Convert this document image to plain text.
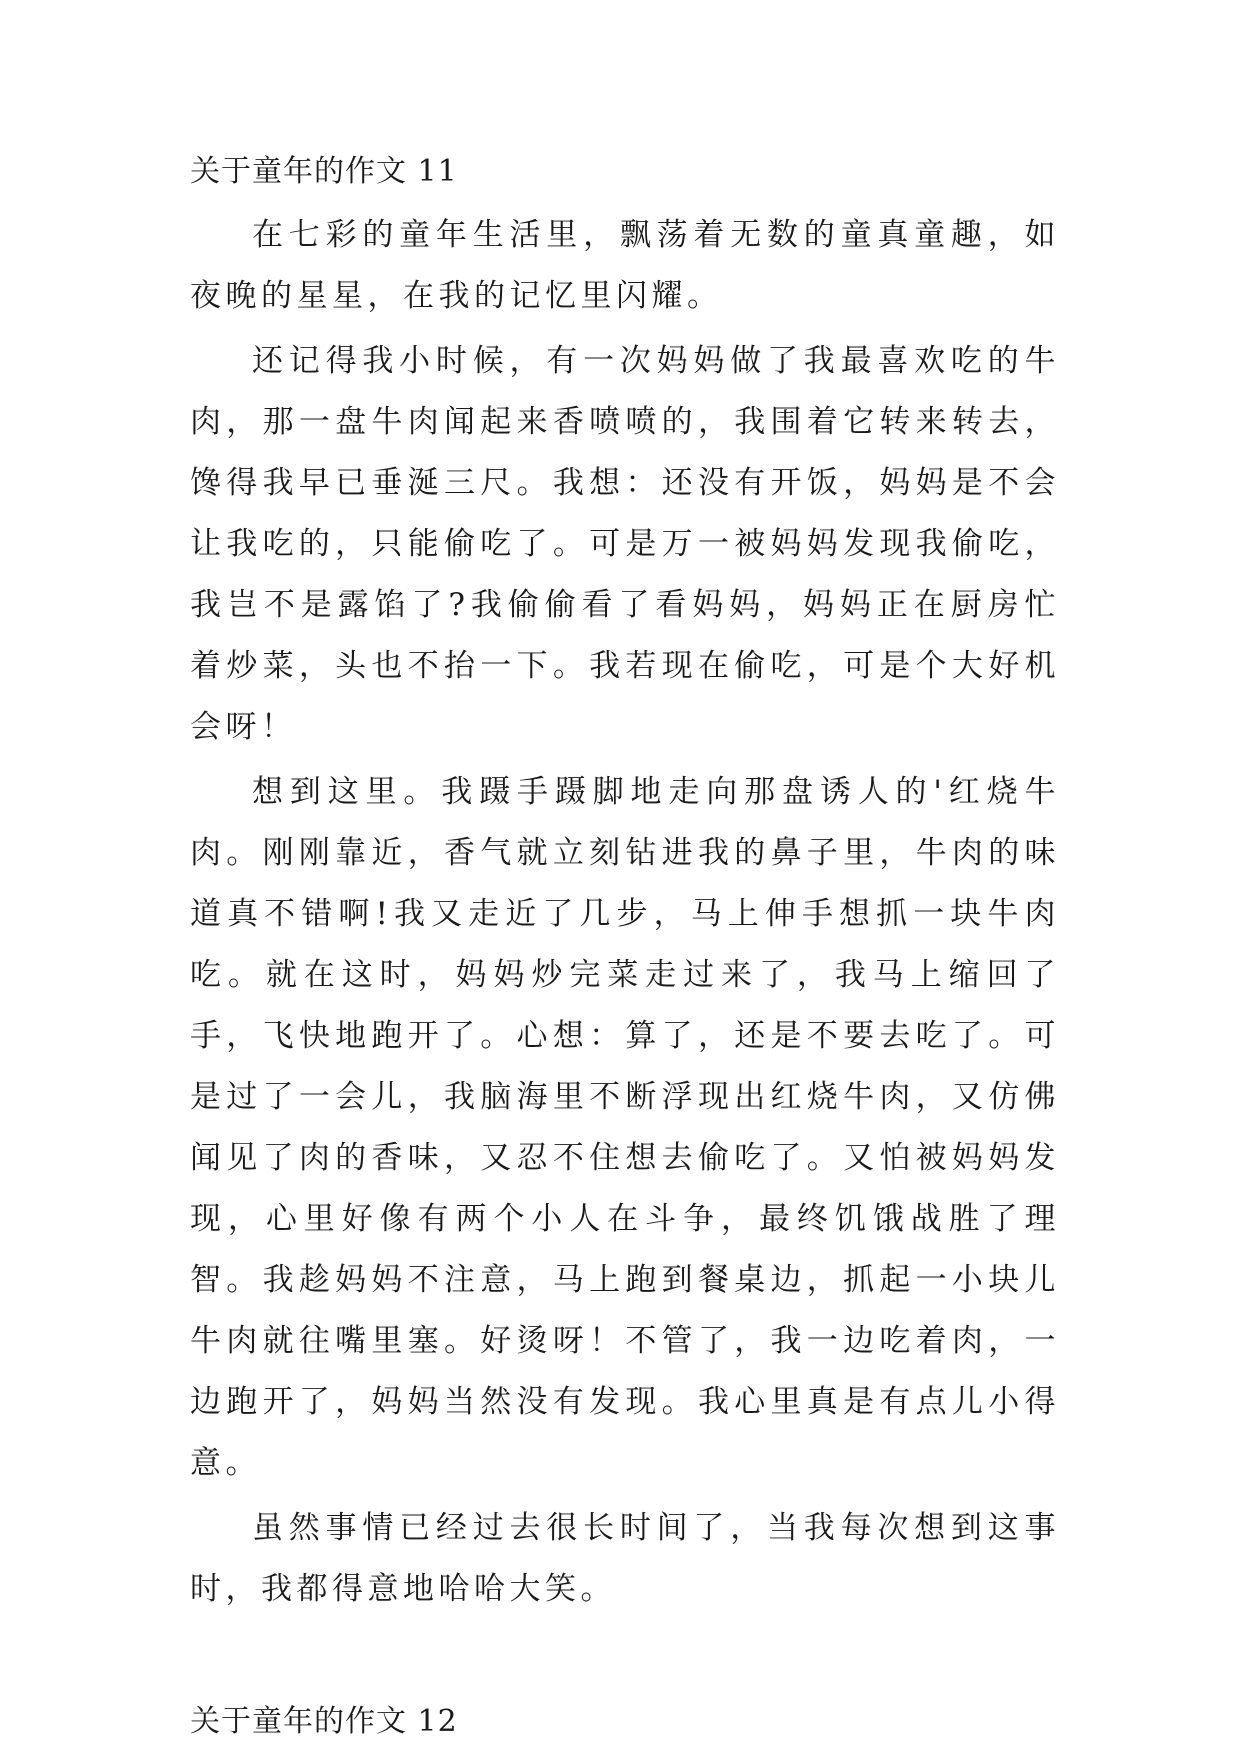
关于童年的作文 11

在七彩的童年生活里，飘荡着无数的童真童趣，如夜晚的星星，在我的记忆里闪耀。

还记得我小时候，有一次妈妈做了我最喜欢吃的牛肉，那一盘牛肉闻起来香喷喷的，我围着它转来转去，馋得我早已垂涎三尺。我想：还没有开饭，妈妈是不会让我吃的，只能偷吃了。可是万一被妈妈发现我偷吃，我岂不是露馅了?我偷偷看了看妈妈，妈妈正在厨房忙着炒菜，头也不抬一下。我若现在偷吃，可是个大好机会呀！

想到这里。我蹑手蹑脚地走向那盘诱人的'红烧牛肉。刚刚靠近，香气就立刻钻进我的鼻子里，牛肉的味道真不错啊!我又走近了几步，马上伸手想抓一块牛肉吃。就在这时，妈妈炒完菜走过来了，我马上缩回了手，飞快地跑开了。心想：算了，还是不要去吃了。可是过了一会儿，我脑海里不断浮现出红烧牛肉，又仿佛闻见了肉的香味，又忍不住想去偷吃了。又怕被妈妈发现，心里好像有两个小人在斗争，最终饥饿战胜了理智。我趁妈妈不注意，马上跑到餐桌边，抓起一小块儿牛肉就往嘴里塞。好烫呀！不管了，我一边吃着肉，一边跑开了，妈妈当然没有发现。我心里真是有点儿小得意。

虽然事情已经过去很长时间了，当我每次想到这事时，我都得意地哈哈大笑。

关于童年的作文 12
